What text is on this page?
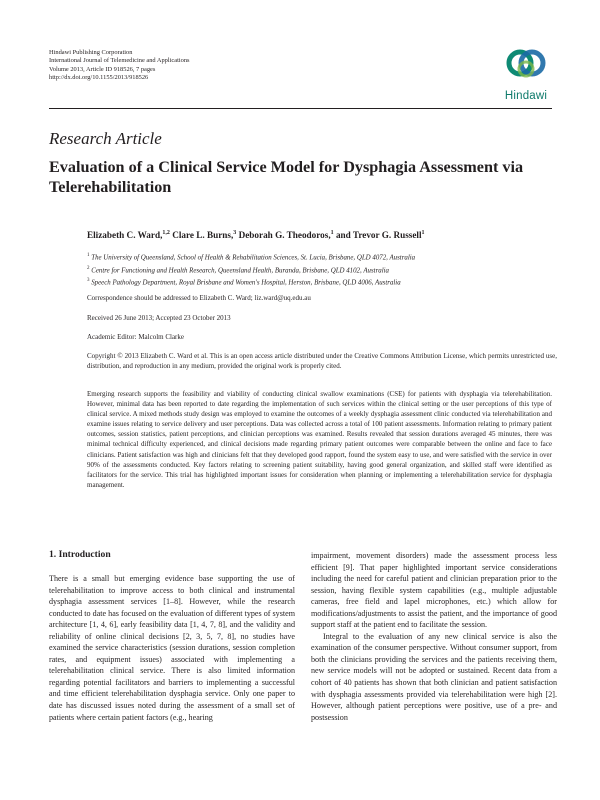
Hindawi Publishing Corporation
International Journal of Telemedicine and Applications
Volume 2013, Article ID 918526, 7 pages
http://dx.doi.org/10.1155/2013/918526
Hindawi
Research Article
Evaluation of a Clinical Service Model for Dysphagia Assessment via Telerehabilitation
Elizabeth C. Ward,$^{1,2}$ Clare L. Burns,$^3$ Deborah G. Theodoros,$^1$ and Trevor G. Russell$^1$
$^1$ The University of Queensland, School of Health & Rehabilitation Sciences, St. Lucia, Brisbane, QLD 4072, Australia
$^2$ Centre for Functioning and Health Research, Queensland Health, Buranda, Brisbane, QLD 4102, Australia
$^3$ Speech Pathology Department, Royal Brisbane and Women's Hospital, Herston, Brisbane, QLD 4006, Australia
Correspondence should be addressed to Elizabeth C. Ward; liz.ward@uq.edu.au
Received 26 June 2013; Accepted 23 October 2013
Academic Editor: Malcolm Clarke
Copyright © 2013 Elizabeth C. Ward et al. This is an open access article distributed under the Creative Commons Attribution License, which permits unrestricted use, distribution, and reproduction in any medium, provided the original work is properly cited.
Emerging research supports the feasibility and viability of conducting clinical swallow examinations (CSE) for patients with dysphagia via telerehabilitation. However, minimal data has been reported to date regarding the implementation of such services within the clinical setting or the user perceptions of this type of clinical service. A mixed methods study design was employed to examine the outcomes of a weekly dysphagia assessment clinic conducted via telerehabilitation and examine issues relating to service delivery and user perceptions. Data was collected across a total of 100 patient assessments. Information relating to primary patient outcomes, session statistics, patient perceptions, and clinician perceptions was examined. Results revealed that session durations averaged 45 minutes, there was minimal technical difficulty experienced, and clinical decisions made regarding primary patient outcomes were comparable between the online and face to face clinicians. Patient satisfaction was high and clinicians felt that they developed good rapport, found the system easy to use, and were satisfied with the service in over 90% of the assessments conducted. Key factors relating to screening patient suitability, having good general organization, and skilled staff were identified as facilitators for the service. This trial has highlighted important issues for consideration when planning or implementing a telerehabilitation service for dysphagia management.
1. Introduction

There is a small but emerging evidence base supporting the use of telerehabilitation to improve access to both clinical and instrumental dysphagia assessment services [1–8]. However, while the research conducted to date has focused on the evaluation of different types of system architecture [1, 4, 6], early feasibility data [1, 4, 7, 8], and the validity and reliability of online clinical decisions [2, 3, 5, 7, 8], no studies have examined the service characteristics (session durations, session completion rates, and equipment issues) associated with implementing a telerehabilitation clinical service. There is also limited information regarding potential facilitators and barriers to implementing a successful and time efficient telerehabilitation dysphagia service. Only one paper to date has discussed issues noted during the assessment of a small set of patients where certain patient factors (e.g., hearing

impairment, movement disorders) made the assessment process less efficient [9]. That paper highlighted important service considerations including the need for careful patient and clinician preparation prior to the session, having flexible system capabilities (e.g., multiple adjustable cameras, free field and lapel microphones, etc.) which allow for modifications/adjustments to assist the patient, and the importance of good support staff at the patient end to facilitate the session.

Integral to the evaluation of any new clinical service is also the examination of the consumer perspective. Without consumer support, from both the clinicians providing the services and the patients receiving them, new service models will not be adopted or sustained. Recent data from a cohort of 40 patients has shown that both clinician and patient satisfaction with dysphagia assessments provided via telerehabilitation were high [2]. However, although patient perceptions were positive, use of a pre- and postsession
